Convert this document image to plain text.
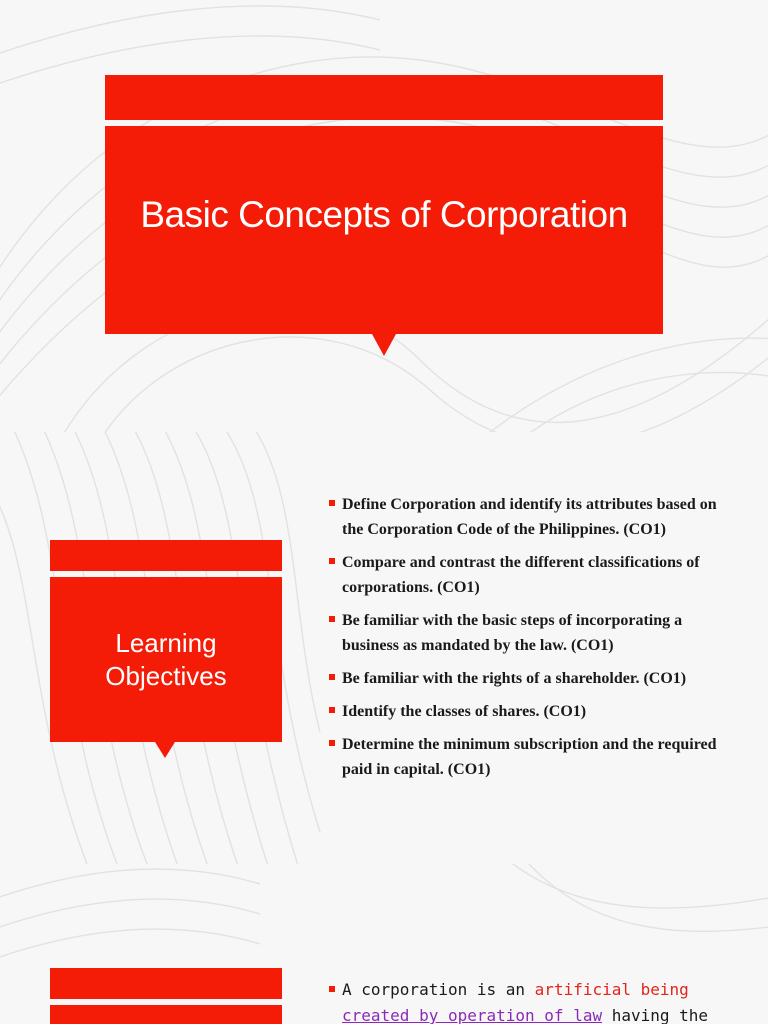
Basic Concepts of Corporation
Learning Objectives
Define Corporation and identify its attributes based on the Corporation Code of the Philippines. (CO1)
Compare and contrast the different classifications of corporations. (CO1)
Be familiar with the basic steps of incorporating a business as mandated by the law. (CO1)
Be familiar with the rights of a shareholder. (CO1)
Identify the classes of shares. (CO1)
Determine the minimum subscription and the required paid in capital. (CO1)
A corporation is an artificial being
created by operation of law having the
